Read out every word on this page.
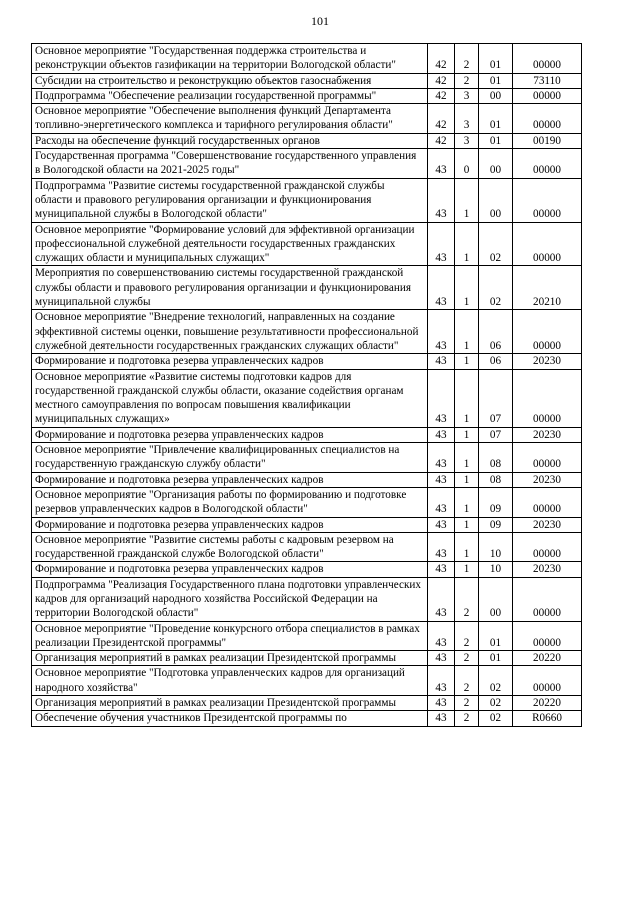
101
Основное мероприятие "Государственная поддержка строительства и реконструкции объектов газификации на территории Вологодской области"	42	2	01	00000
Субсидии на строительство и реконструкцию объектов газоснабжения	42	2	01	73110
Подпрограмма "Обеспечение реализации государственной программы"	42	3	00	00000
Основное мероприятие "Обеспечение выполнения функций Департамента топливно-энергетического комплекса и тарифного регулирования области"	42	3	01	00000
Расходы на обеспечение функций государственных органов	42	3	01	00190
Государственная программа "Совершенствование государственного управления в Вологодской области на 2021-2025 годы"	43	0	00	00000
Подпрограмма "Развитие системы государственной гражданской службы области и правового регулирования организации и функционирования муниципальной службы в Вологодской области"	43	1	00	00000
Основное мероприятие "Формирование условий для эффективной организации профессиональной служебной деятельности государственных гражданских служащих области и муниципальных служащих"	43	1	02	00000
Мероприятия по совершенствованию системы государственной гражданской службы области и правового регулирования организации и функционирования муниципальной службы	43	1	02	20210
Основное мероприятие "Внедрение технологий, направленных на создание эффективной системы оценки, повышение результативности профессиональной служебной деятельности государственных гражданских служащих области"	43	1	06	00000
Формирование и подготовка резерва управленческих кадров	43	1	06	20230
Основное мероприятие «Развитие системы подготовки кадров для государственной гражданской службы области, оказание содействия органам местного самоуправления по вопросам повышения квалификации муниципальных служащих»	43	1	07	00000
Формирование и подготовка резерва управленческих кадров	43	1	07	20230
Основное мероприятие "Привлечение квалифицированных специалистов на государственную гражданскую службу области"	43	1	08	00000
Формирование и подготовка резерва управленческих кадров	43	1	08	20230
Основное мероприятие "Организация работы по формированию и подготовке резервов управленческих кадров в Вологодской области"	43	1	09	00000
Формирование и подготовка резерва управленческих кадров	43	1	09	20230
Основное мероприятие "Развитие системы работы с кадровым резервом на государственной гражданской службе Вологодской области"	43	1	10	00000
Формирование и подготовка резерва управленческих кадров	43	1	10	20230
Подпрограмма "Реализация Государственного плана подготовки управленческих кадров для организаций народного хозяйства Российской Федерации на территории Вологодской области"	43	2	00	00000
Основное мероприятие "Проведение конкурсного отбора специалистов в рамках реализации Президентской программы"	43	2	01	00000
Организация мероприятий в рамках реализации Президентской программы	43	2	01	20220
Основное мероприятие "Подготовка управленческих кадров для организаций народного хозяйства"	43	2	02	00000
Организация мероприятий в рамках реализации Президентской программы	43	2	02	20220
Обеспечение обучения участников Президентской программы по	43	2	02	R0660
